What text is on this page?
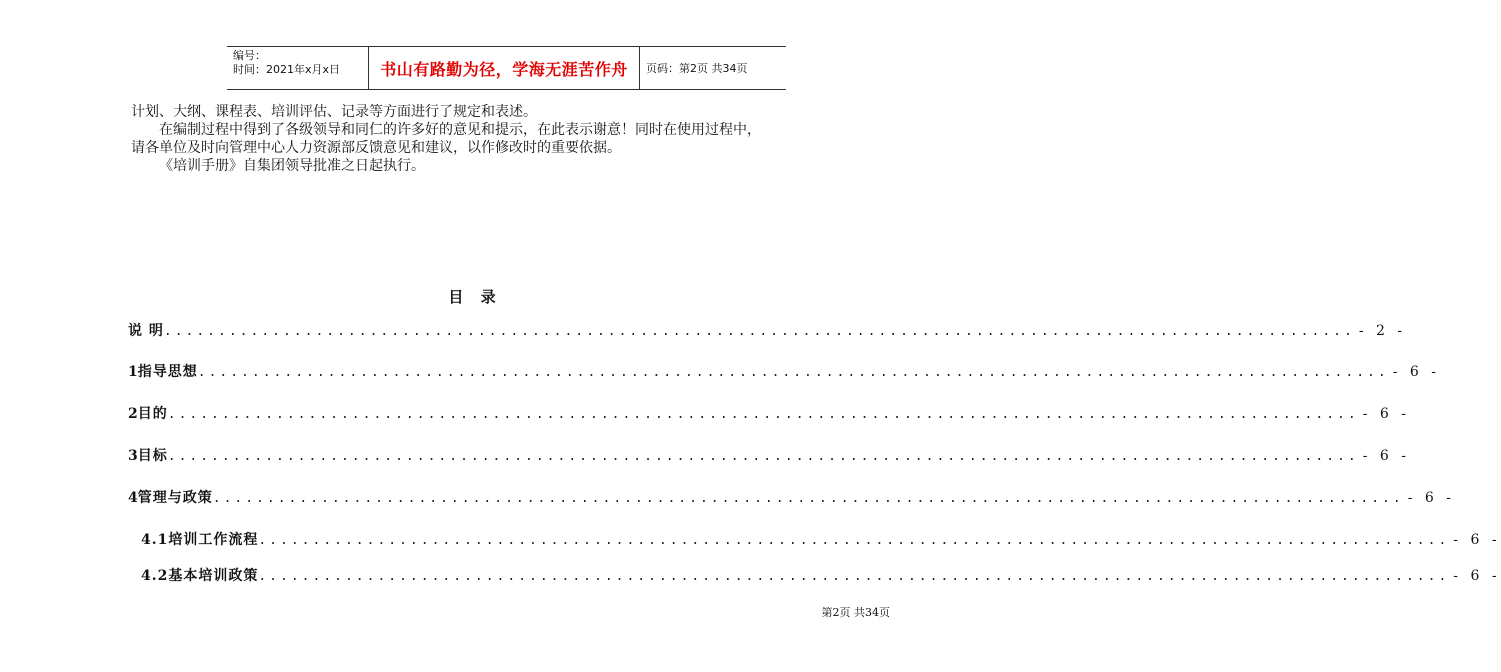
编号：
时间：2021年x月x日	书山有路勤为径，学海无涯苦作舟	页码：第2页 共34页

计划、大纲、课程表、培训评估、记录等方面进行了规定和表述。

在编制过程中得到了各级领导和同仁的许多好的意见和提示，在此表示谢意！同时在使用过程中，

请各单位及时向管理中心人力资源部反馈意见和建议，以作修改时的重要依据。

《培训手册》自集团领导批准之日起执行。

目 录
说 明 .............................................................................................................. - 2 -
1 指导思想 .............................................................................................................. - 6 -
2 目的 .............................................................................................................. - 6 -
3 目标 .............................................................................................................. - 6 -
4 管理与政策 .............................................................................................................. - 6 -
4.1培训工作流程 .............................................................................................................. - 6 -
4.2基本培训政策 .............................................................................................................. - 6 -
第2页 共34页
